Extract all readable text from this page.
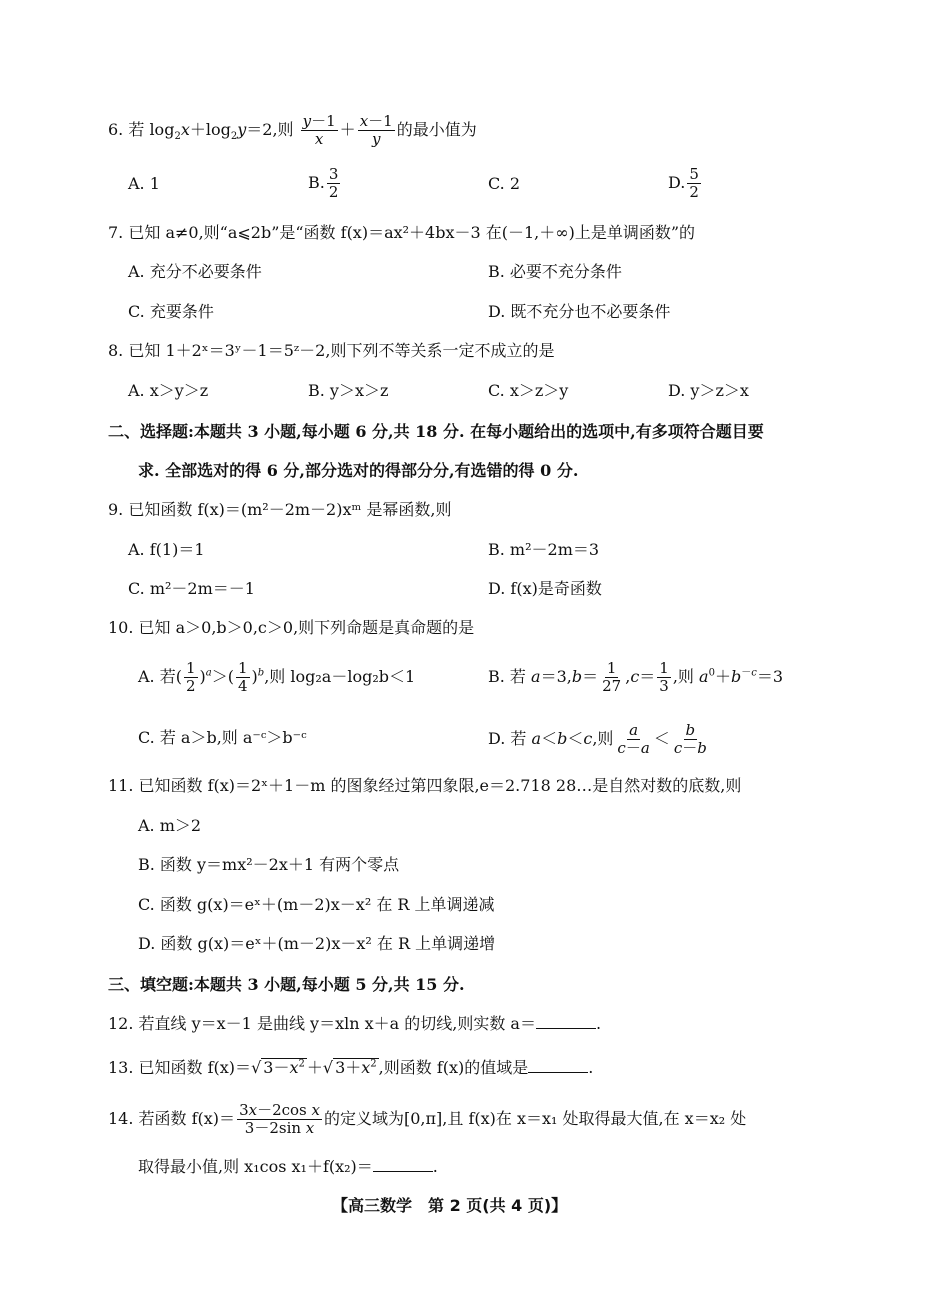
6. 若 $\log_2x+\log_2y=2$,则 $\frac{y-1}{x} + \frac{x-1}{y}$ 的最小值为
A. 1	B. $\frac{3}{2}$	C. 2	D. $\frac{5}{2}$
7. 已知 a≠0,则“a⩽2b”是“函数 f(x)＝ax²＋4bx－3 在(－1,＋∞)上是单调函数”的
A. 充分不必要条件	B. 必要不充分条件
C. 充要条件	D. 既不充分也不必要条件
8. 已知 1＋2ˣ＝3ʸ－1＝5ᶻ－2,则下列不等关系一定不成立的是
A. x＞y＞z	B. y＞x＞z	C. x＞z＞y	D. y＞z＞x
二、选择题:本题共 3 小题,每小题 6 分,共 18 分. 在每小题给出的选项中,有多项符合题目要
求. 全部选对的得 6 分,部分选对的得部分分,有选错的得 0 分.
9. 已知函数 f(x)＝(m²－2m－2)xᵐ 是幂函数,则
A. f(1)＝1	B. m²－2m＝3
C. m²－2m＝－1	D. f(x)是奇函数
10. 已知 a＞0,b＞0,c＞0,则下列命题是真命题的是
A. 若( $\frac{1}{2} )^a>( \frac{1}{4} )^b$,则 log₂a－log₂b＜1	B. 若 $a=3,b= \frac{1}{27} ,c= \frac{1}{3}$ ,则 $a^0+b^{-c}=3$
C. 若 a＞b,则 a⁻ᶜ＞b⁻ᶜ	D. 若 a＜b＜c,则 $\frac{a}{c-a} < \frac{b}{c-b}$
11. 已知函数 f(x)＝2ˣ＋1－m 的图象经过第四象限,e＝2.718 28…是自然对数的底数,则
A. m＞2
B. 函数 y＝mx²－2x＋1 有两个零点
C. 函数 g(x)＝eˣ＋(m－2)x－x² 在 R 上单调递减
D. 函数 g(x)＝eˣ＋(m－2)x－x² 在 R 上单调递增
三、填空题:本题共 3 小题,每小题 5 分,共 15 分.
12. 若直线 y＝x－1 是曲线 y＝xln x＋a 的切线,则实数 a＝	.
13. 已知函数 f(x)＝√ $3-x^2$ ＋√ $3+x^2$ ,则函数 f(x)的值域是	.
14. 若函数 $f(x)= \frac{\text{3x－2cos x}}{\text{3－2sin x}}$ 的定义域为[0,π],且 f(x)在 x＝x₁ 处取得最大值,在 x＝x₂ 处
取得最小值,则 x₁cos x₁＋f(x₂)＝	.
【高三数学　第 2 页(共 4 页)】
